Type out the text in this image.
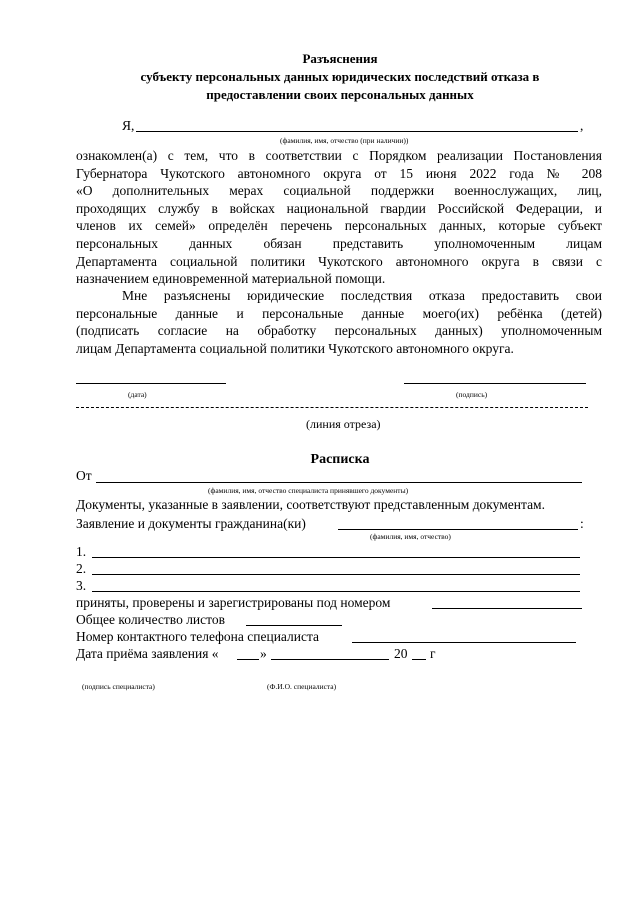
Разъяснения
субъекту персональных данных юридических последствий отказа в
предоставлении своих персональных данных
Я,	,
(фамилия, имя, отчество (при наличии))
ознакомлен(а) с тем, что в соответствии с Порядком реализации Постановления
Губернатора Чукотского автономного округа от 15 июня 2022 года № 208
«О дополнительных мерах социальной поддержки военнослужащих, лиц,
проходящих службу в войсках национальной гвардии Российской Федерации, и
членов их семей» определён перечень персональных данных, которые субъект
персональных данных обязан представить уполномоченным лицам
Департамента социальной политики Чукотского автономного округа в связи с
назначением единовременной материальной помощи.
Мне разъяснены юридические последствия отказа предоставить свои
персональные данные и персональные данные моего(их) ребёнка (детей)
(подписать согласие на обработку персональных данных) уполномоченным
лицам Департамента социальной политики Чукотского автономного округа.
(дата)	(подпись)
(линия отрезa)
Расписка
От
(фамилия, имя, отчество специалиста принявшего документы)
Документы, указанные в заявлении, соответствуют представленным документам.
Заявление и документы гражданина(ки)	:
(фамилия, имя, отчество)
1.
2.
3.
приняты, проверены и зарегистрированы под номером
Общее количество листов
Номер контактного телефона специалиста
Дата приёма заявления «	»	20 г
(подпись специалиста)	(Ф.И.О. специалиста)
